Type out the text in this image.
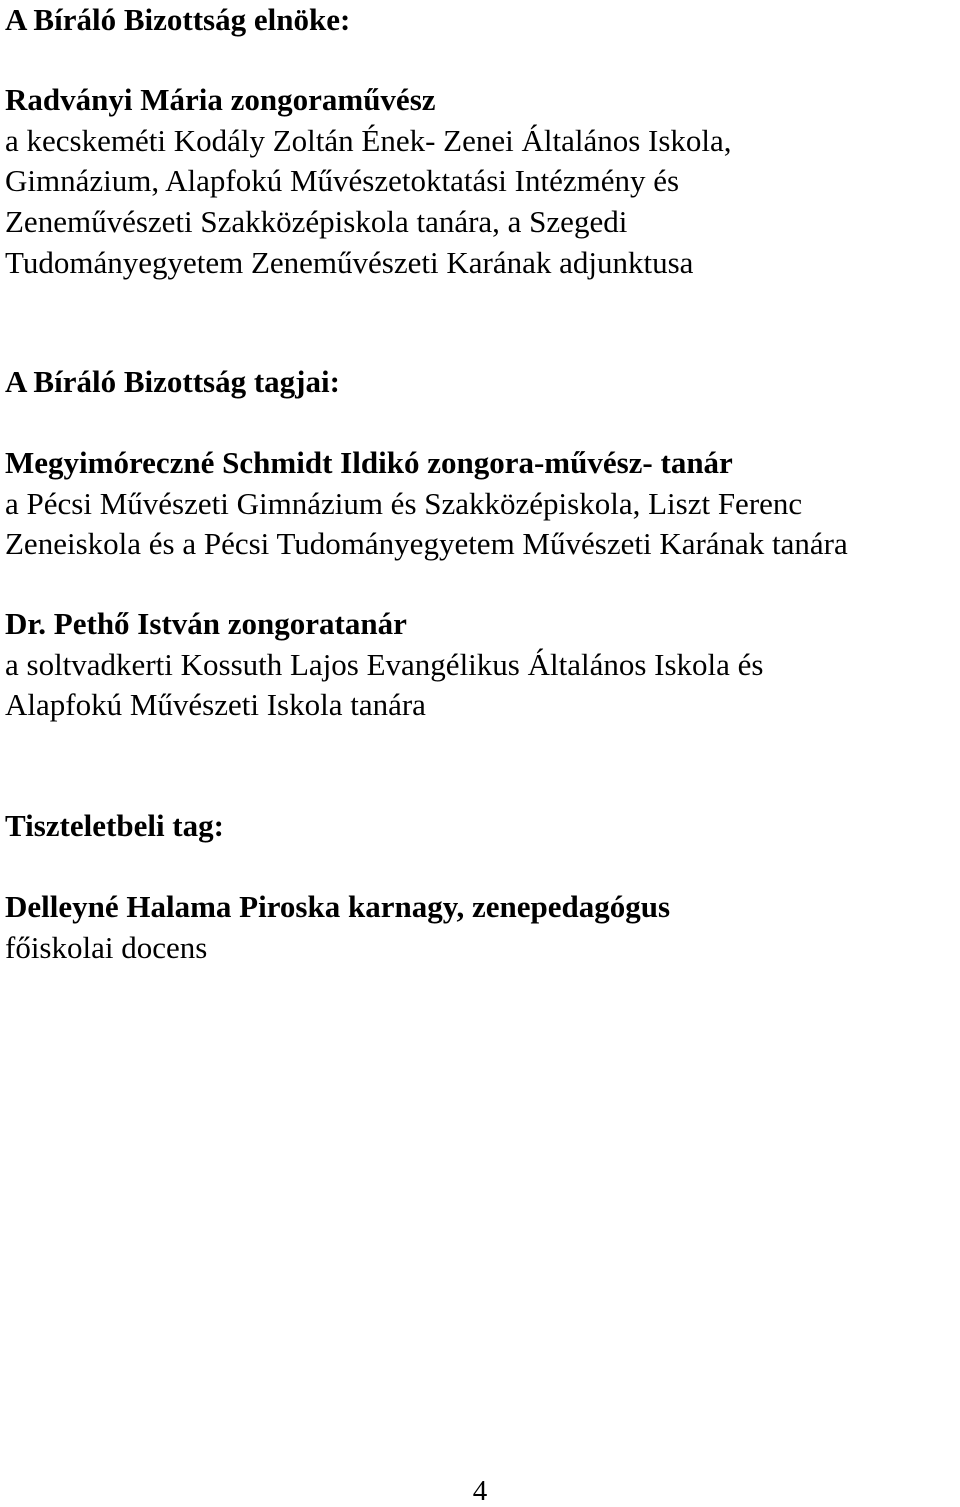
A Bíráló Bizottság elnöke:

Radványi Mária zongoraművész

a kecskeméti Kodály Zoltán Ének- Zenei Általános Iskola,

Gimnázium, Alapfokú Művészetoktatási Intézmény és

Zeneművészeti Szakközépiskola tanára, a Szegedi

Tudományegyetem Zeneművészeti Karának adjunktusa

A Bíráló Bizottság tagjai:

Megyimóreczné Schmidt Ildikó zongora-művész- tanár

a Pécsi Művészeti Gimnázium és Szakközépiskola, Liszt Ferenc

Zeneiskola és a Pécsi Tudományegyetem Művészeti Karának tanára

Dr. Pethő István zongoratanár

a soltvadkerti Kossuth Lajos Evangélikus Általános Iskola és

Alapfokú Művészeti Iskola tanára

Tiszteletbeli tag:

Delleyné Halama Piroska karnagy, zenepedagógus

főiskolai docens

4
